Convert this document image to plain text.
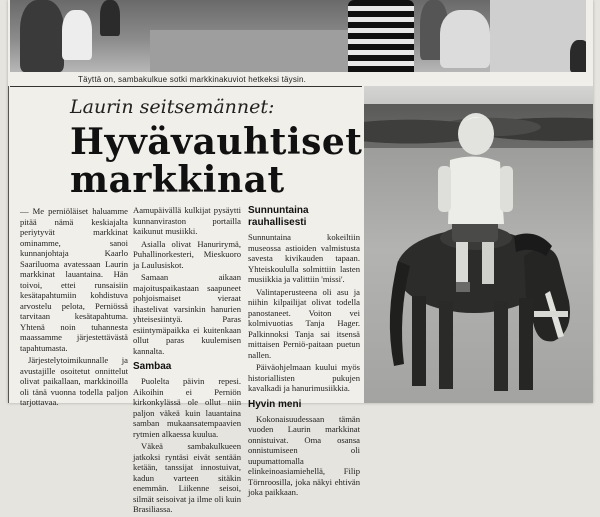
Täyttä on, sambakulkue sotki markkinakuviot hetkeksi täysin.
Laurin seitsemännet:
Hyvävauhtiset markkinat

— Me perniöläiset haluamme pitää nämä keskiajalta periytyvät markkinat ominamme, sanoi kunnanjohtaja Kaarlo Saariluoma avatessaan Laurin markkinat lauantaina. Hän toivoi, ettei runsaisiin kesätapahtumiin kohdistuva arvostelu pelota, Perniössä tarvitaan kesätapahtuma. Yhtenä noin tuhannesta maassamme järjestettävästä tapahtumasta.

Järjestelytoimikunnalle ja avustajille osoitetut onnittelut olivat paikallaan, markkinoilla oli tänä vuonna todella paljon tarjottavaa.

Aamupäivällä kulkijat pysäytti kunnanviraston portailla kaikunut musiikki.

Asialla olivat Hanurirymä, Puhallinorkesteri, Mieskuoro ja Laulusiskot.

Samaan aikaan majoituspaikastaan saapuneet pohjoismaiset vieraat ihastelivat varsinkin hanurien yhteisesiintyä. Paras esiintymäpaikka ei kuitenkaan ollut paras kuulemisen kannalta.

Sambaa

Puolelta päivin repesi. Aikoihin ei Perniön kirkonkylässä ole ollut niin paljon väkeä kuin lauantaina samban mukaansatempaavien rytmien alkaessa kuulua.

Väkeä sambakulkueen jatkoksi ryntäsi eivät sentään ketään, tanssijat innostuivat, kadun varteen sitäkin enemmän. Liikenne seisoi, silmät seisoivat ja ilme oli kuin Brasiliassa.

Sunnuntaina rauhallisesti

Sunnuntaina kokeiltiin museossa astioiden valmistusta savesta kivikauden tapaan. Yhteiskoululla solmittiin lasten musiikkia ja valittiin 'missi'.

Valintaperusteena oli asu ja niihin kilpailijat olivat todella panostaneet. Voiton vei kolmivuotias Tanja Hager. Palkinnoksi Tanja sai itsensä mittaisen Perniö-paitaan puetun nallen.

Päiväohjelmaan kuului myös historiallisten pukujen kavalkadi ja hanurimusiikkia.

Hyvin meni

Kokonaisuudessaan tämän vuoden Laurin markkinat onnistuivat. Oma osansa onnistumiseen oli uupumattomalla elinkeinoasiamiehellä, Filip Törnroosilla, joka näkyi ehtivän joka paikkaan.
